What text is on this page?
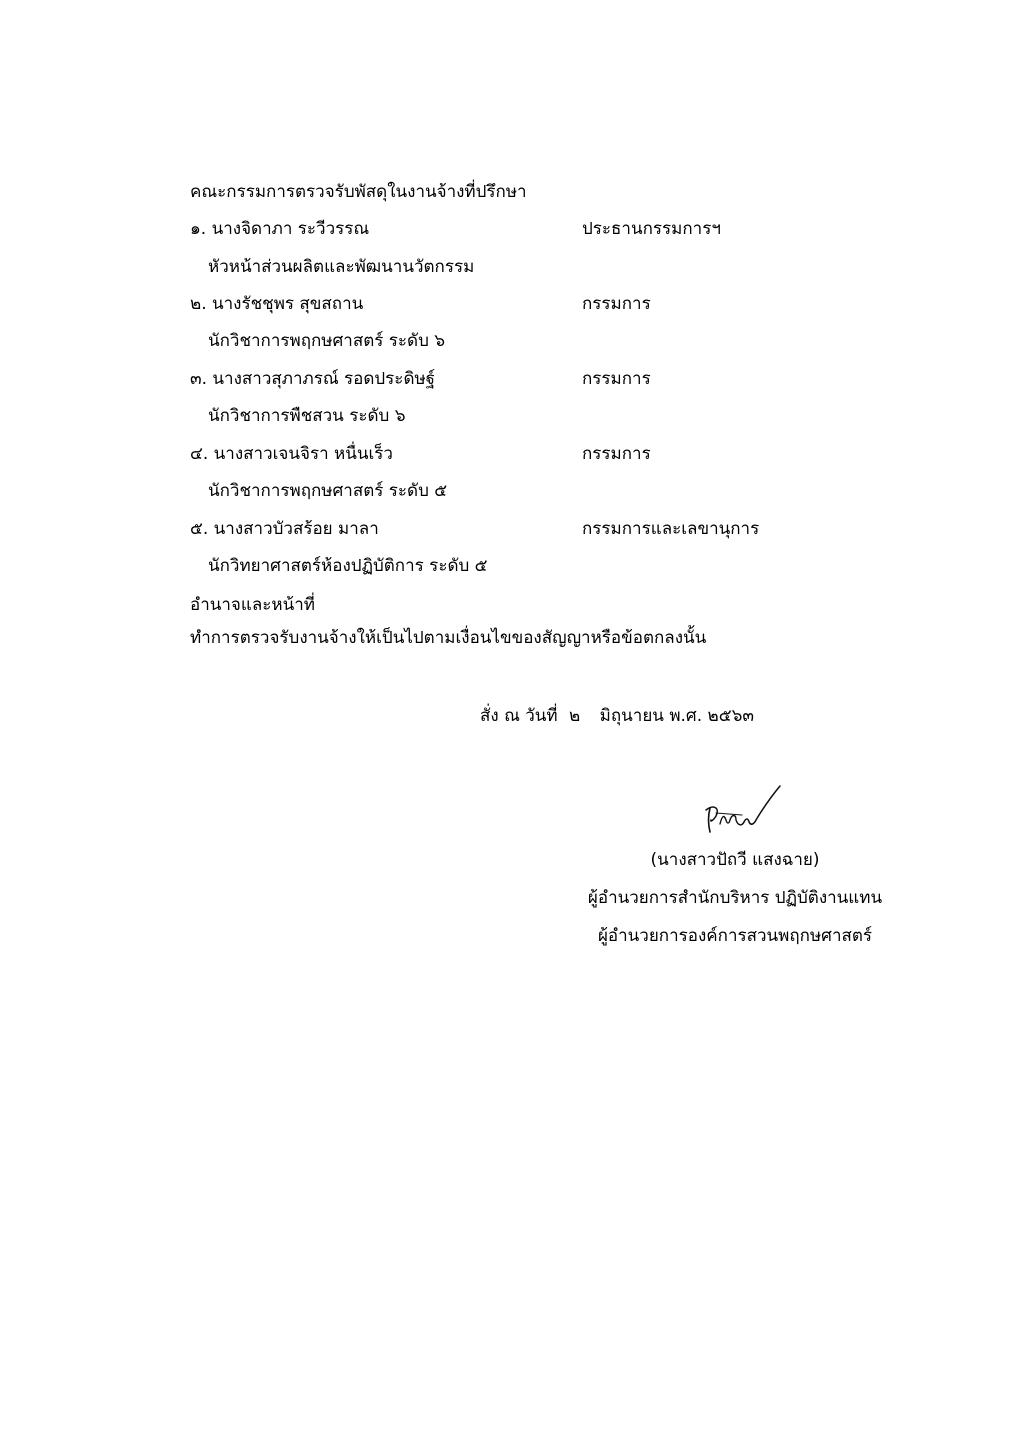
คณะกรรมการตรวจรับพัสดุในงานจ้างที่ปรึกษา
๑. นางจิดาภา ระวีวรรณ	ประธานกรรมการฯ
หัวหน้าส่วนผลิตและพัฒนานวัตกรรม
๒. นางรัชชุพร สุขสถาน	กรรมการ
นักวิชาการพฤกษศาสตร์ ระดับ ๖
๓. นางสาวสุภาภรณ์ รอดประดิษฐ์	กรรมการ
นักวิชาการพืชสวน ระดับ ๖
๔. นางสาวเจนจิรา หนื่นเร็ว	กรรมการ
นักวิชาการพฤกษศาสตร์ ระดับ ๕
๕. นางสาวบัวสร้อย มาลา	กรรมการและเลขานุการ
นักวิทยาศาสตร์ห้องปฏิบัติการ ระดับ ๕
อำนาจและหน้าที่
ทำการตรวจรับงานจ้างให้เป็นไปตามเงื่อนไขของสัญญาหรือข้อตกลงนั้น
สั่ง ณ วันที่ ๒ มิถุนายน พ.ศ. ๒๕๖๓
(นางสาวปัถวี แสงฉาย)
ผู้อำนวยการสำนักบริหาร ปฏิบัติงานแทน
ผู้อำนวยการองค์การสวนพฤกษศาสตร์
